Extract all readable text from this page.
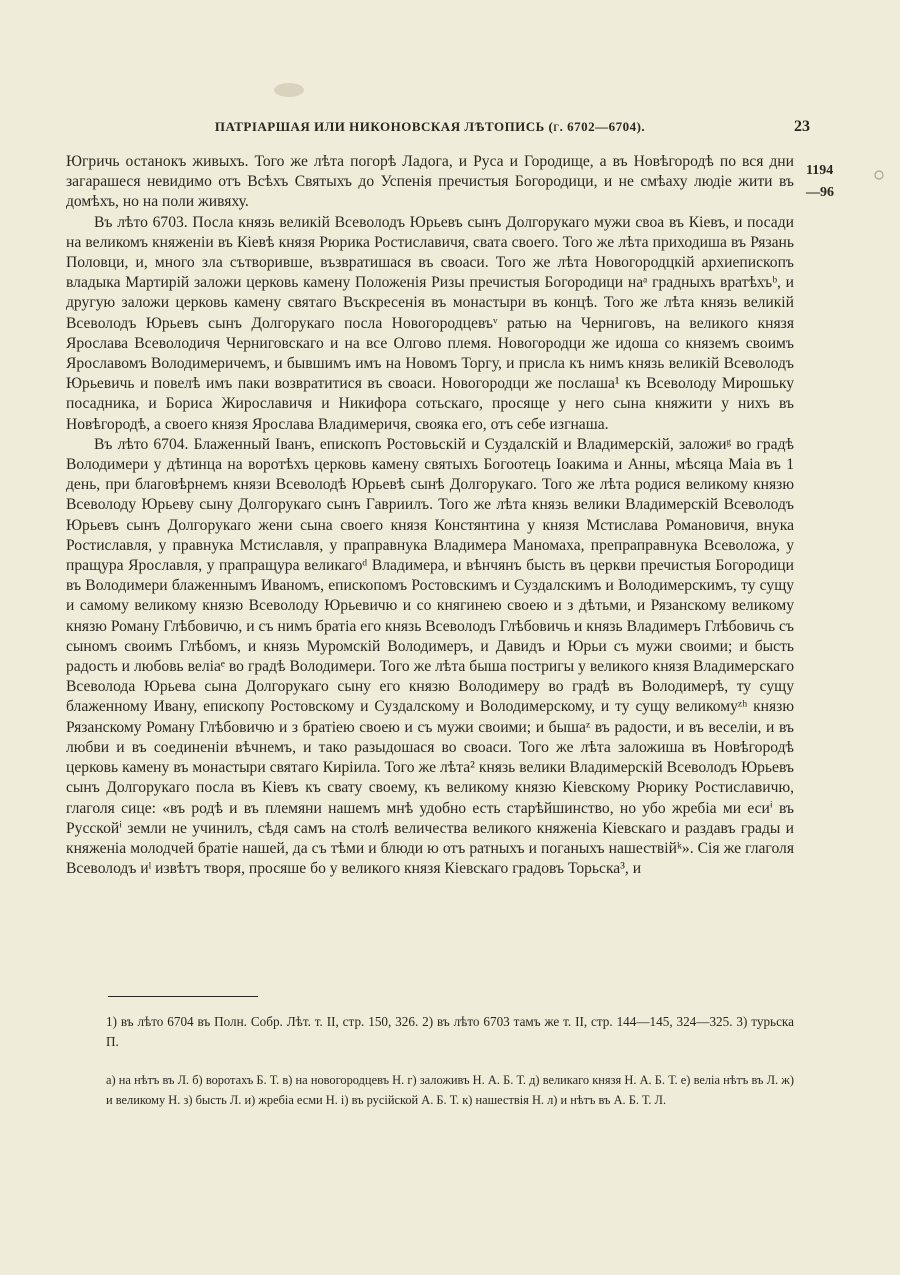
ПАТРІАРШАЯ ИЛИ НИКОНОВСКАЯ ЛѢТОПИСЬ (г. 6702—6704).	23
1194
—96

Югричь останокъ живыхъ. Того же лѣта погорѣ Ладога, и Руса и Городище, а въ Новѣгородѣ по вся дни загарашеся невидимо отъ Всѣхъ Святыхъ до Успенія пречистыя Богородици, и не смѣаху людіе жити въ домѣхъ, но на поли живяху.

Въ лѣто 6703. Посла князь великій Всеволодъ Юрьевъ сынъ Долгорукаго мужи своа въ Кіевъ, и посади на великомъ княженіи въ Кіевѣ князя Рюрика Ростиславичя, свата своего. Того же лѣта приходиша въ Рязань Половци, и, много зла сътворивше, възвратишася въ своаси. Того же лѣта Новогородцкій архиепископъ владыка Мартирій заложи церковь камену Положенія Ризы пречистыя Богородици наᵃ градныхъ вратѣхъᵇ, и другую заложи церковь камену святаго Въскресенія въ монастыри въ концѣ. Того же лѣта князь великій Всеволодъ Юрьевъ сынъ Долгорукаго посла Новогородцевъᵛ ратью на Черниговъ, на великого князя Ярослава Всеволодичя Черниговскаго и на все Олгово племя. Новогородци же идоша со княземъ своимъ Ярославомъ Володимеричемъ, и бывшимъ имъ на Новомъ Торгу, и присла къ нимъ князь великій Всеволодъ Юрьевичь и повелѣ имъ паки возвратитися въ своаси. Новогородци же послаша¹ къ Всеволоду Мирошьку посадника, и Бориса Жирославичя и Никифора сотьскаго, просяще у него сына княжити у нихъ въ Новѣгородѣ, а своего князя Ярослава Владимеричя, свояка его, отъ себе изгнаша.

Въ лѣто 6704. Блаженный Іванъ, епископъ Ростовьскій и Суздалскій и Владимерскій, заложиᵍ во градѣ Володимери у дѣтинца на воротѣхъ церковь камену святыхъ Богоотець Іоакима и Анны, мѣсяца Маіа въ 1 день, при благовѣрнемъ князи Всеволодѣ Юрьевѣ сынѣ Долгорукаго. Того же лѣта родися великому князю Всеволоду Юрьеву сыну Долгорукаго сынъ Гавриилъ. Того же лѣта князь велики Владимерскій Всеволодъ Юрьевъ сынъ Долгорукаго жени сына своего князя Констянтина у князя Мстислава Романовичя, внука Ростиславля, у правнука Мстиславля, у праправнука Владимера Маномаха, препраправнука Всеволожа, у пращура Ярославля, у прапращура великагоᵈ Владимера, и вѣнчянъ бысть въ церкви пречистыя Богородици въ Володимери блаженнымъ Иваномъ, епископомъ Ростовскимъ и Суздалскимъ и Володимерскимъ, ту сущу и самому великому князю Всеволоду Юрьевичю и со княгинею своею и з дѣтьми, и Рязанскому великому князю Роману Глѣбовичю, и съ нимъ братіа его князь Всеволодъ Глѣбовичь и князь Владимеръ Глѣбовичь съ сыномъ своимъ Глѣбомъ, и князь Муромскій Володимеръ, и Давидъ и Юрьи съ мужи своими; и бысть радость и любовь веліаᵉ во градѣ Володимери. Того же лѣта быша постригы у великого князя Владимерскаго Всеволода Юрьева сына Долгорукаго сыну его князю Володимеру во градѣ въ Володимерѣ, ту сущу блаженному Ивану, епископу Ростовскому и Суздалскому и Володимерскому, и ту сущу великомуᶻʰ князю Рязанскому Роману Глѣбовичю и з братіею своею и съ мужи своими; и бышаᶻ въ радости, и въ веселіи, и въ любви и въ соединеніи вѣчнемъ, и тако разыдошася во своаси. Того же лѣта заложиша въ Новѣгородѣ церковь камену въ монастыри святаго Киріила. Того же лѣта² князь велики Владимерскій Всеволодъ Юрьевъ сынъ Долгорукаго посла въ Кіевъ къ свату своему, къ великому князю Кіевскому Рюрику Ростиславичю, глаголя сице: «въ родѣ и въ племяни нашемъ мнѣ удобно есть старѣйшинство, но убо жребіа ми есиⁱ въ Русскойⁱ земли не учинилъ, сѣдя самъ на столѣ величества великого княженіа Кіевскаго и раздавъ грады и княженіа молодчей братіе нашей, да съ тѣми и блюди ю отъ ратныхъ и поганыхъ нашествійᵏ». Сія же глаголя Всеволодъ иˡ извѣтъ творя, просяше бо у великого князя Кіевскаго градовъ Торьска³, и

1) въ лѣто 6704 въ Полн. Собр. Лѣт. т. II, стр. 150, 326. 2) въ лѣто 6703 тамъ же т. II, стр. 144—145, 324—325. 3) турьска П.
а) на нѣтъ въ Л. б) воротахъ Б. Т. в) на новогородцевъ Н. г) заложивъ Н. А. Б. Т. д) великаго князя Н. А. Б. Т. е) веліа нѣтъ въ Л. ж) и великому Н. з) бысть Л. и) жребіа есми Н. і) въ русійской А. Б. Т. к) нашествія Н. л) и нѣтъ въ А. Б. Т. Л.
